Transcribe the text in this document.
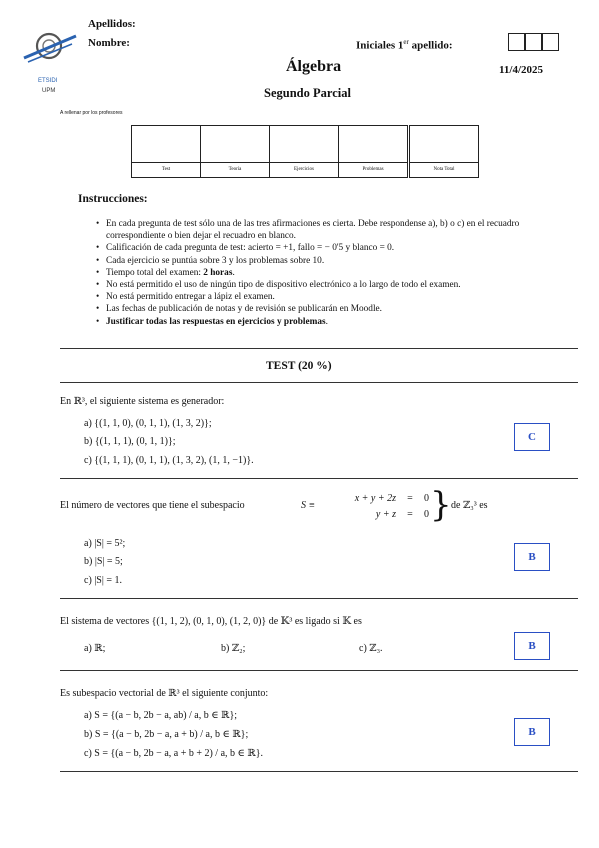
ETSIDI
UPM
Apellidos:
Nombre:	Iniciales 1er apellido:
Álgebra	11/4/2025
Segundo Parcial
A rellenar por los profesores

Test	Teoría	Ejercicios	Problemas	Nota Total
Instrucciones:
• En cada pregunta de test sólo una de las tres afirmaciones es cierta. Debe respondense a), b) o c) en el recuadro correspondiente o bien dejar el recuadro en blanco.
• Calificación de cada pregunta de test: acierto = +1, fallo = − 0'5 y blanco = 0.
• Cada ejercicio se puntúa sobre 3 y los problemas sobre 10.
• Tiempo total del examen: 2 horas.
• No está permitido el uso de ningún tipo de dispositivo electrónico a lo largo de todo el examen.
• No está permitido entregar a lápiz el examen.
• Las fechas de publicación de notas y de revisión se publicarán en Moodle.
• Justificar todas las respuestas en ejercicios y problemas.
TEST (20 %)
En ℝ³, el siguiente sistema es generador:
a) {(1, 1, 0), (0, 1, 1), (1, 3, 2)};
b) {(1, 1, 1), (0, 1, 1)};
c) {(1, 1, 1), (0, 1, 1), (1, 3, 2), (1, 1, −1)}.
C
El número de vectores que tiene el subespacio	S ≡
x + y + 2z	=	0
y + z	=	0 } de ℤ₃³ es
a) |S| = 5²;
b) |S| = 5;
c) |S| = 1.
B
El sistema de vectores {(1, 1, 2), (0, 1, 0), (1, 2, 0)} de 𝕂³ es ligado si 𝕂 es
a) ℝ;	b) ℤ₂;	c) ℤ₃.	B
Es subespacio vectorial de ℝ³ el siguiente conjunto:
a) S = {(a − b, 2b − a, ab) / a, b ∈ ℝ};
b) S = {(a − b, 2b − a, a + b) / a, b ∈ ℝ};
c) S = {(a − b, 2b − a, a + b + 2) / a, b ∈ ℝ}.
B
